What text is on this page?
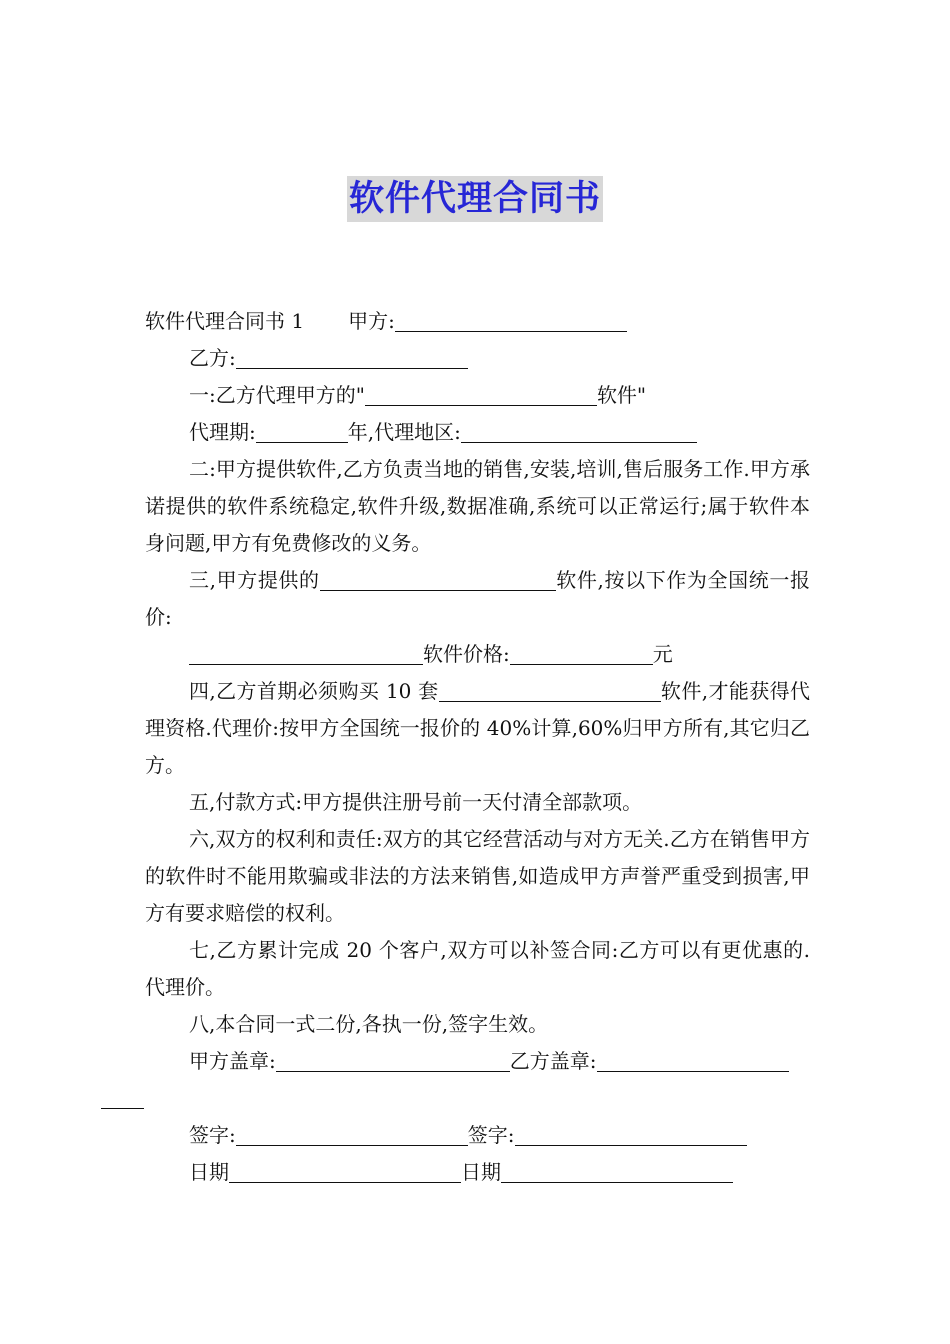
软件代理合同书

软件代理合同书 1 甲方:

乙方:

一:乙方代理甲方的"	软件"

代理期:	年,代理地区:

二:甲方提供软件,乙方负责当地的销售,安装,培训,售后服务工作.甲方承诺提供的软件系统稳定,软件升级,数据准确,系统可以正常运行;属于软件本身问题,甲方有免费修改的义务。

三,甲方提供的	软件,按以下作为全国统一报价:

软件价格:	元

四,乙方首期必须购买 10 套	软件,才能获得代理资格.代理价:按甲方全国统一报价的 40%计算,60%归甲方所有,其它归乙方。

五,付款方式:甲方提供注册号前一天付清全部款项。

六,双方的权利和责任:双方的其它经营活动与对方无关.乙方在销售甲方的软件时不能用欺骗或非法的方法来销售,如造成甲方声誉严重受到损害,甲方有要求赔偿的权利。

七,乙方累计完成 20 个客户,双方可以补签合同:乙方可以有更优惠的.代理价。

八,本合同一式二份,各执一份,签字生效。

甲方盖章:	乙方盖章:

签字:	签字:

日期	日期
